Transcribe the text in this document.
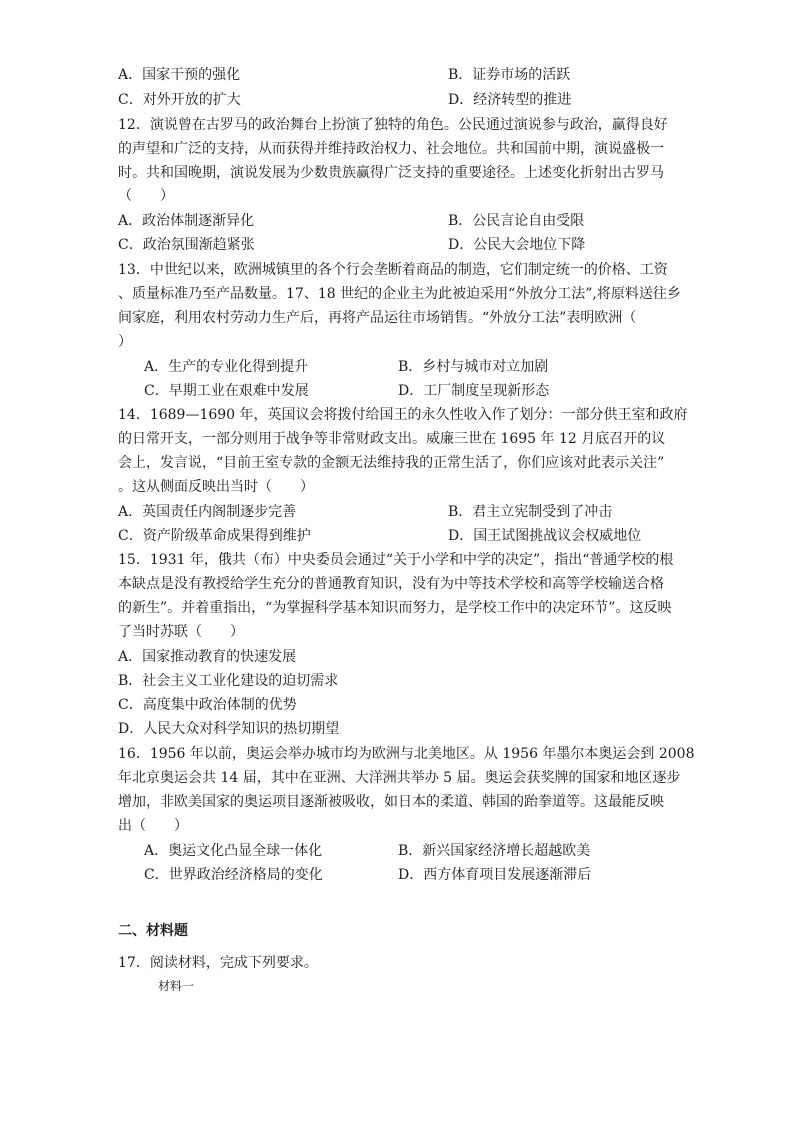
A．国家干预的强化	B．证券市场的活跃
C．对外开放的扩大	D．经济转型的推进
12．演说曾在古罗马的政治舞台上扮演了独特的角色。公民通过演说参与政治，赢得良好
的声望和广泛的支持，从而获得并维持政治权力、社会地位。共和国前中期，演说盛极一
时。共和国晚期，演说发展为少数贵族赢得广泛支持的重要途径。上述变化折射出古罗马
（　　）
A．政治体制逐渐异化	B．公民言论自由受限
C．政治氛围渐趋紧张	D．公民大会地位下降
13．中世纪以来，欧洲城镇里的各个行会垄断着商品的制造，它们制定统一的价格、工资
、质量标准乃至产品数量。17、18 世纪的企业主为此被迫采用“外放分工法”,将原料送往乡
间家庭，利用农村劳动力生产后，再将产品运往市场销售。“外放分工法”表明欧洲（
）
A．生产的专业化得到提升	B．乡村与城市对立加剧
C．早期工业在艰难中发展	D．工厂制度呈现新形态
14．1689—1690 年，英国议会将拨付给国王的永久性收入作了划分：一部分供王室和政府
的日常开支，一部分则用于战争等非常财政支出。威廉三世在 1695 年 12 月底召开的议
会上，发言说，“目前王室专款的金额无法维持我的正常生活了，你们应该对此表示关注”
。这从侧面反映出当时（　　）
A．英国责任内阁制逐步完善	B．君主立宪制受到了冲击
C．资产阶级革命成果得到维护	D．国王试图挑战议会权威地位
15．1931 年，俄共（布）中央委员会通过“关于小学和中学的决定”，指出“普通学校的根
本缺点是没有教授给学生充分的普通教育知识，没有为中等技术学校和高等学校输送合格
的新生”。并着重指出，“为掌握科学基本知识而努力，是学校工作中的决定环节”。这反映
了当时苏联（　　）
A．国家推动教育的快速发展
B．社会主义工业化建设的迫切需求
C．高度集中政治体制的优势
D．人民大众对科学知识的热切期望
16．1956 年以前，奥运会举办城市均为欧洲与北美地区。从 1956 年墨尔本奥运会到 2008
年北京奥运会共 14 届，其中在亚洲、大洋洲共举办 5 届。奥运会获奖牌的国家和地区逐步
增加，非欧美国家的奥运项目逐渐被吸收，如日本的柔道、韩国的跆拳道等。这最能反映
出（　　）
A．奥运文化凸显全球一体化	B．新兴国家经济增长超越欧美
C．世界政治经济格局的变化	D．西方体育项目发展逐渐滞后
二、材料题
17．阅读材料，完成下列要求。
材料一
